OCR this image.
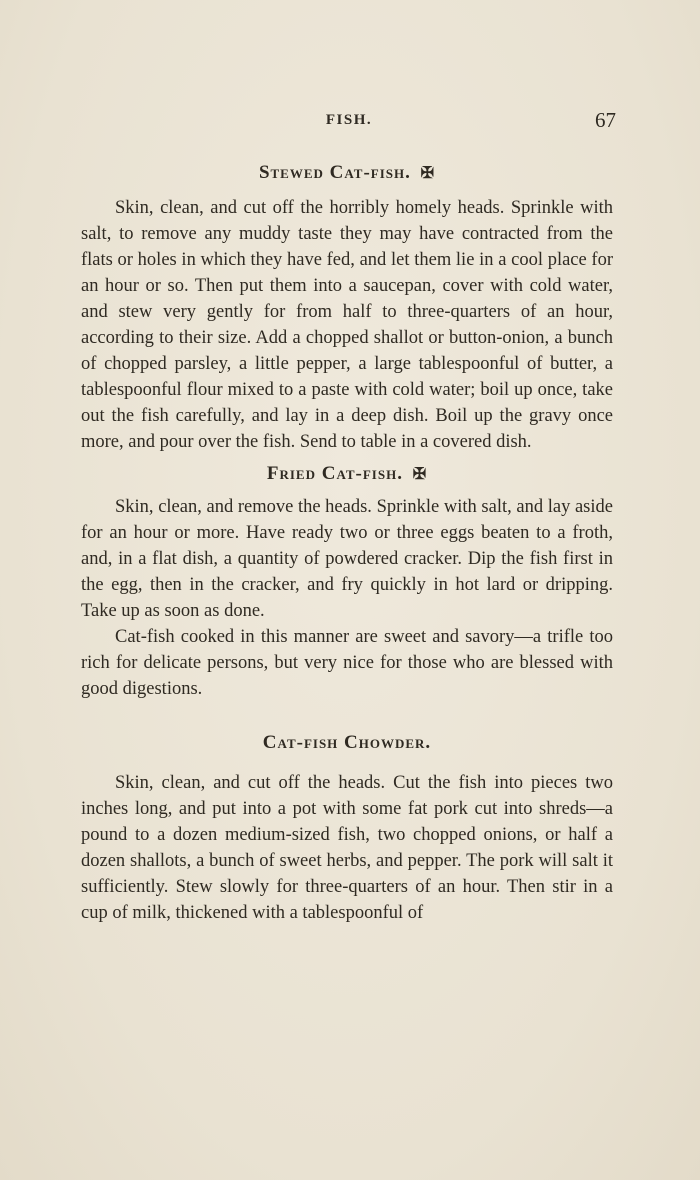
FISH.	67
Stewed Cat-fish. ✠

Skin, clean, and cut off the horribly homely heads. Sprinkle with salt, to remove any muddy taste they may have contracted from the flats or holes in which they have fed, and let them lie in a cool place for an hour or so. Then put them into a saucepan, cover with cold water, and stew very gently for from half to three-quarters of an hour, according to their size. Add a chopped shallot or button-onion, a bunch of chopped parsley, a little pepper, a large tablespoonful of butter, a tablespoonful flour mixed to a paste with cold water; boil up once, take out the fish carefully, and lay in a deep dish. Boil up the gravy once more, and pour over the fish. Send to table in a covered dish.

Fried Cat-fish. ✠

Skin, clean, and remove the heads. Sprinkle with salt, and lay aside for an hour or more. Have ready two or three eggs beaten to a froth, and, in a flat dish, a quantity of powdered cracker. Dip the fish first in the egg, then in the cracker, and fry quickly in hot lard or dripping. Take up as soon as done.

Cat-fish cooked in this manner are sweet and savory—a trifle too rich for delicate persons, but very nice for those who are blessed with good digestions.

Cat-fish Chowder.

Skin, clean, and cut off the heads. Cut the fish into pieces two inches long, and put into a pot with some fat pork cut into shreds—a pound to a dozen medium-sized fish, two chopped onions, or half a dozen shallots, a bunch of sweet herbs, and pepper. The pork will salt it sufficiently. Stew slowly for three-quarters of an hour. Then stir in a cup of milk, thickened with a tablespoonful of
